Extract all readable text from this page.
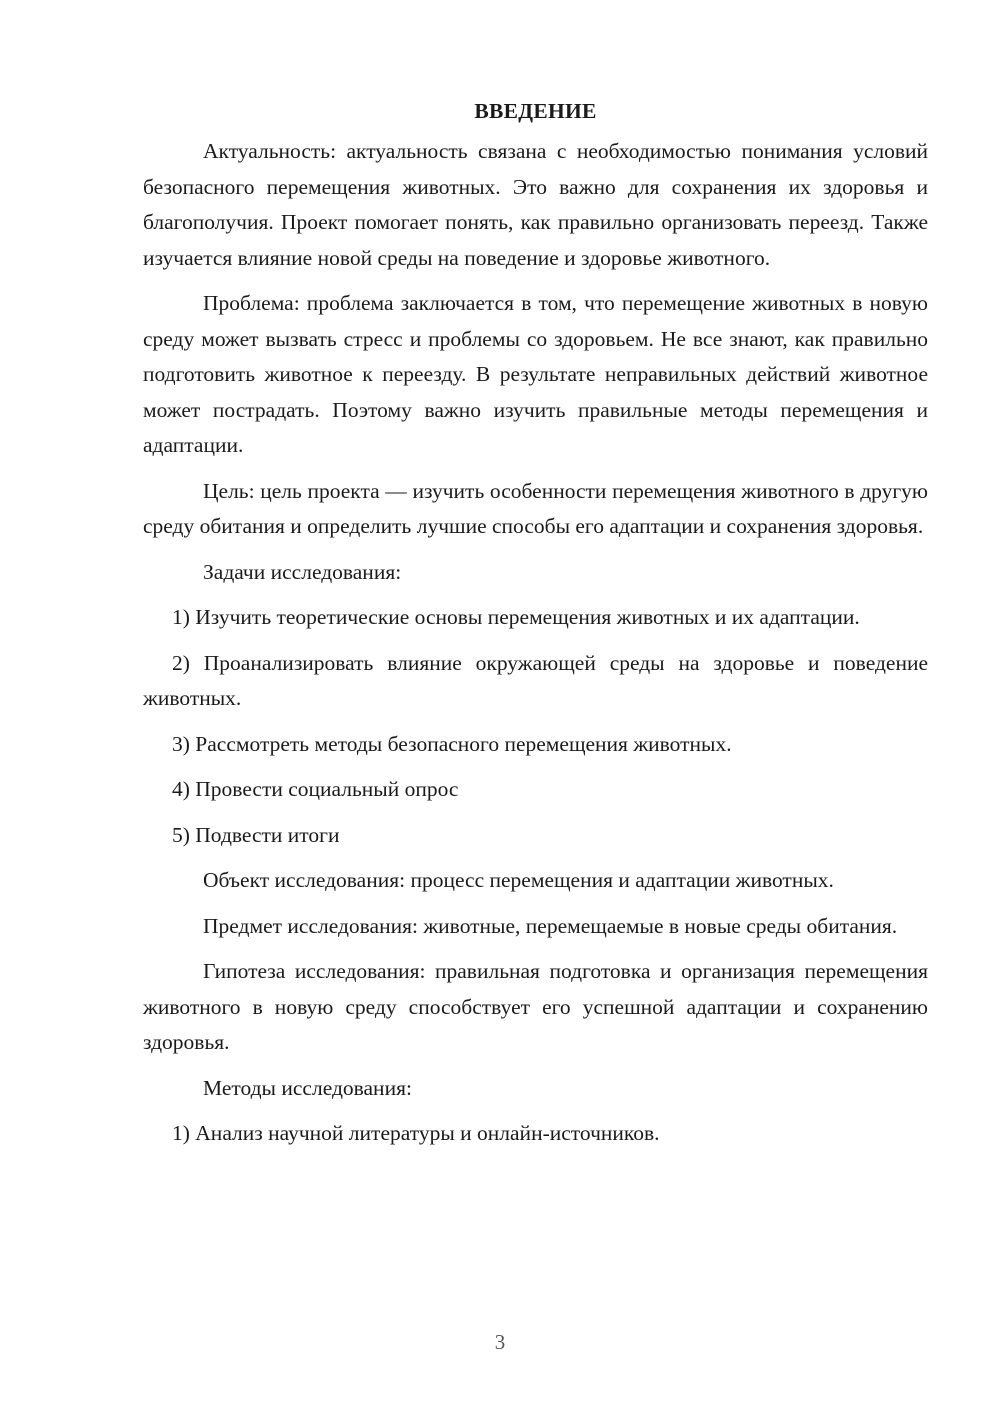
ВВЕДЕНИЕ
Актуальность: актуальность связана с необходимостью понимания условий безопасного перемещения животных. Это важно для сохранения их здоровья и благополучия. Проект помогает понять, как правильно организовать переезд. Также изучается влияние новой среды на поведение и здоровье животного.
Проблема: проблема заключается в том, что перемещение животных в новую среду может вызвать стресс и проблемы со здоровьем. Не все знают, как правильно подготовить животное к переезду. В результате неправильных действий животное может пострадать. Поэтому важно изучить правильные методы перемещения и адаптации.
Цель: цель проекта — изучить особенности перемещения животного в другую среду обитания и определить лучшие способы его адаптации и сохранения здоровья.
Задачи исследования:
1) Изучить теоретические основы перемещения животных и их адаптации.
2) Проанализировать влияние окружающей среды на здоровье и поведение животных.
3) Рассмотреть методы безопасного перемещения животных.
4) Провести социальный опрос
5) Подвести итоги
Объект исследования: процесс перемещения и адаптации животных.
Предмет исследования: животные, перемещаемые в новые среды обитания.
Гипотеза исследования: правильная подготовка и организация перемещения животного в новую среду способствует его успешной адаптации и сохранению здоровья.
Методы исследования:
1) Анализ научной литературы и онлайн-источников.
3
